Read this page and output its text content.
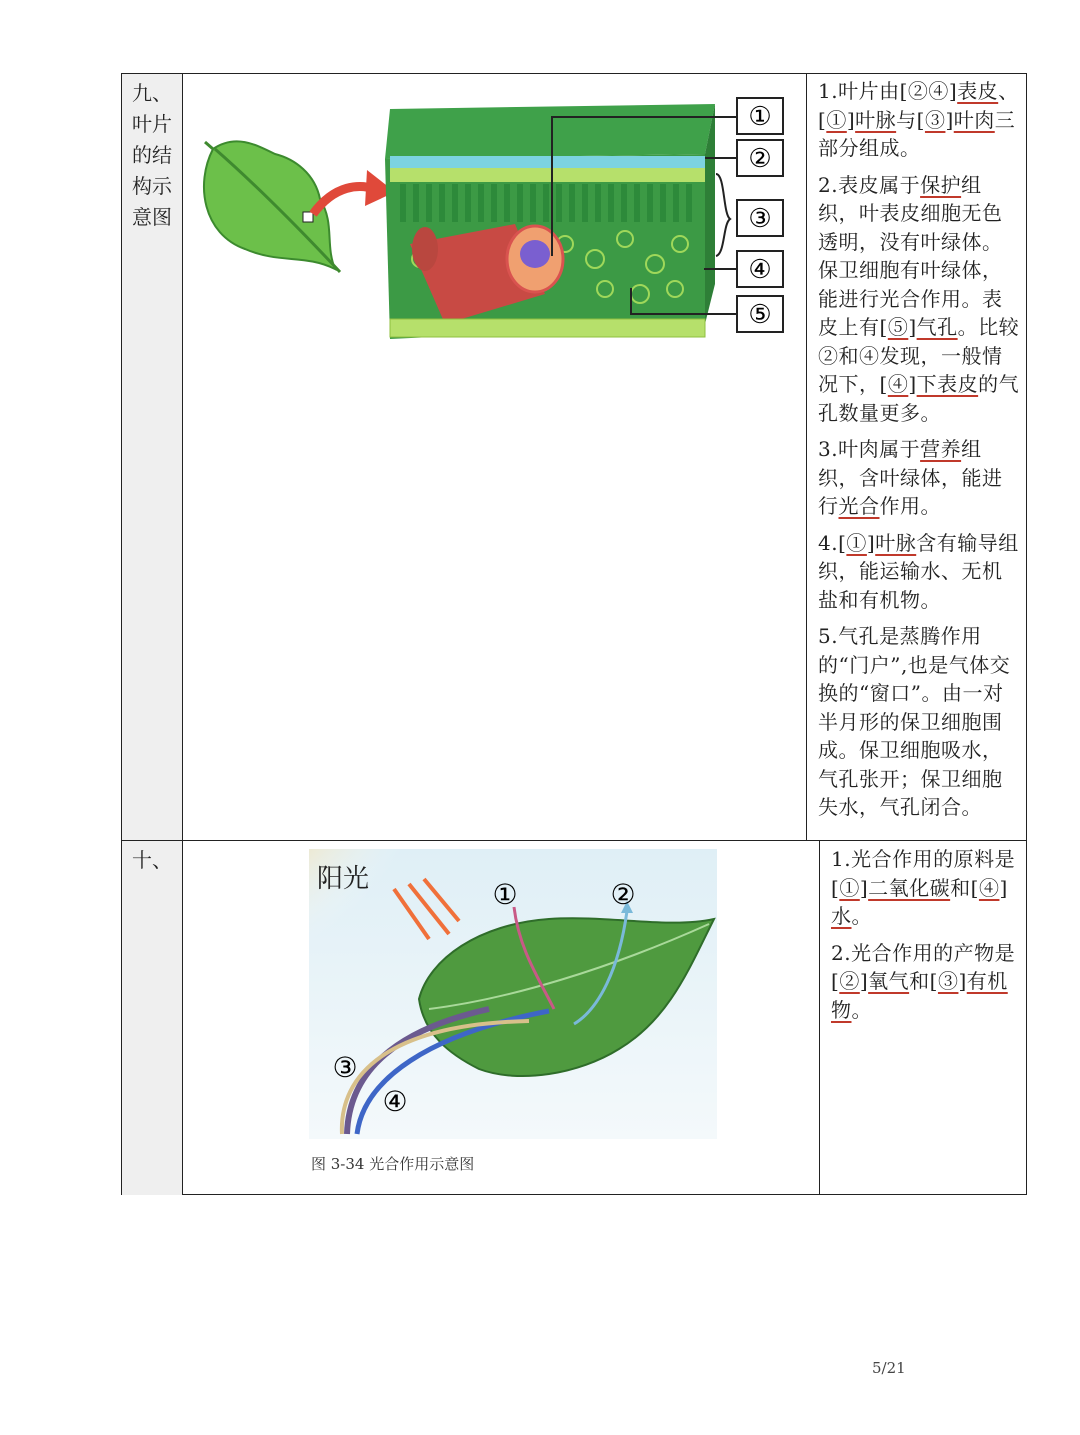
九、
叶片
的结
构示
意图
①
②
③
④
⑤
1.叶片由[②④]表皮、[①]叶脉与[③]叶肉三部分组成。
2.表皮属于保护组织，叶表皮细胞无色透明，没有叶绿体。保卫细胞有叶绿体，能进行光合作用。表皮上有[⑤]气孔。比较②和④发现，一般情况下，[④]下表皮的气孔数量更多。
3.叶肉属于营养组织，含叶绿体，能进行光合作用。
4.[①]叶脉含有输导组织，能运输水、无机盐和有机物。
5.气孔是蒸腾作用的“门户”,也是气体交换的“窗口”。由一对半月形的保卫细胞围成。保卫细胞吸水，气孔张开；保卫细胞失水，气孔闭合。
十、
阳光	①	②
③
④
图 3-34 光合作用示意图
1.光合作用的原料是[①]二氧化碳和[④]水。
2.光合作用的产物是[②]氧气和[③]有机物。
5/21
